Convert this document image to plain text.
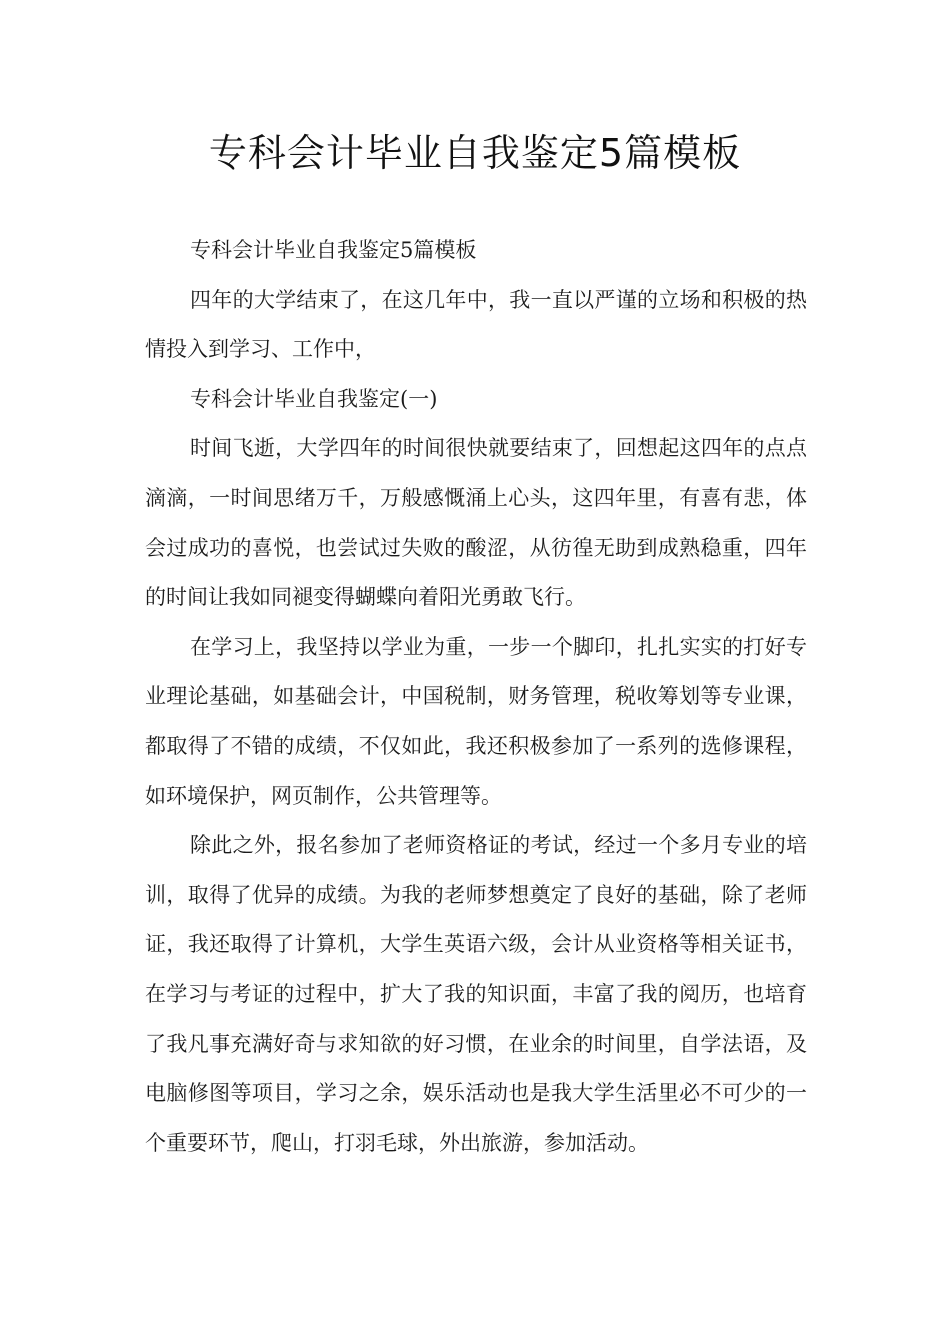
专科会计毕业自我鉴定5篇模板

专科会计毕业自我鉴定5篇模板

四年的大学结束了，在这几年中，我一直以严谨的立场和积极的热情投入到学习、工作中，

专科会计毕业自我鉴定(一)

时间飞逝，大学四年的时间很快就要结束了，回想起这四年的点点滴滴，一时间思绪万千，万般感慨涌上心头，这四年里，有喜有悲，体会过成功的喜悦，也尝试过失败的酸涩，从彷徨无助到成熟稳重，四年的时间让我如同褪变得蝴蝶向着阳光勇敢飞行。

在学习上，我坚持以学业为重，一步一个脚印，扎扎实实的打好专业理论基础，如基础会计，中国税制，财务管理，税收筹划等专业课，都取得了不错的成绩，不仅如此，我还积极参加了一系列的选修课程，如环境保护，网页制作，公共管理等。

除此之外，报名参加了老师资格证的考试，经过一个多月专业的培训，取得了优异的成绩。为我的老师梦想奠定了良好的基础，除了老师证，我还取得了计算机，大学生英语六级，会计从业资格等相关证书，在学习与考证的过程中，扩大了我的知识面，丰富了我的阅历，也培育了我凡事充满好奇与求知欲的好习惯，在业余的时间里，自学法语，及电脑修图等项目，学习之余，娱乐活动也是我大学生活里必不可少的一个重要环节，爬山，打羽毛球，外出旅游，参加活动。
